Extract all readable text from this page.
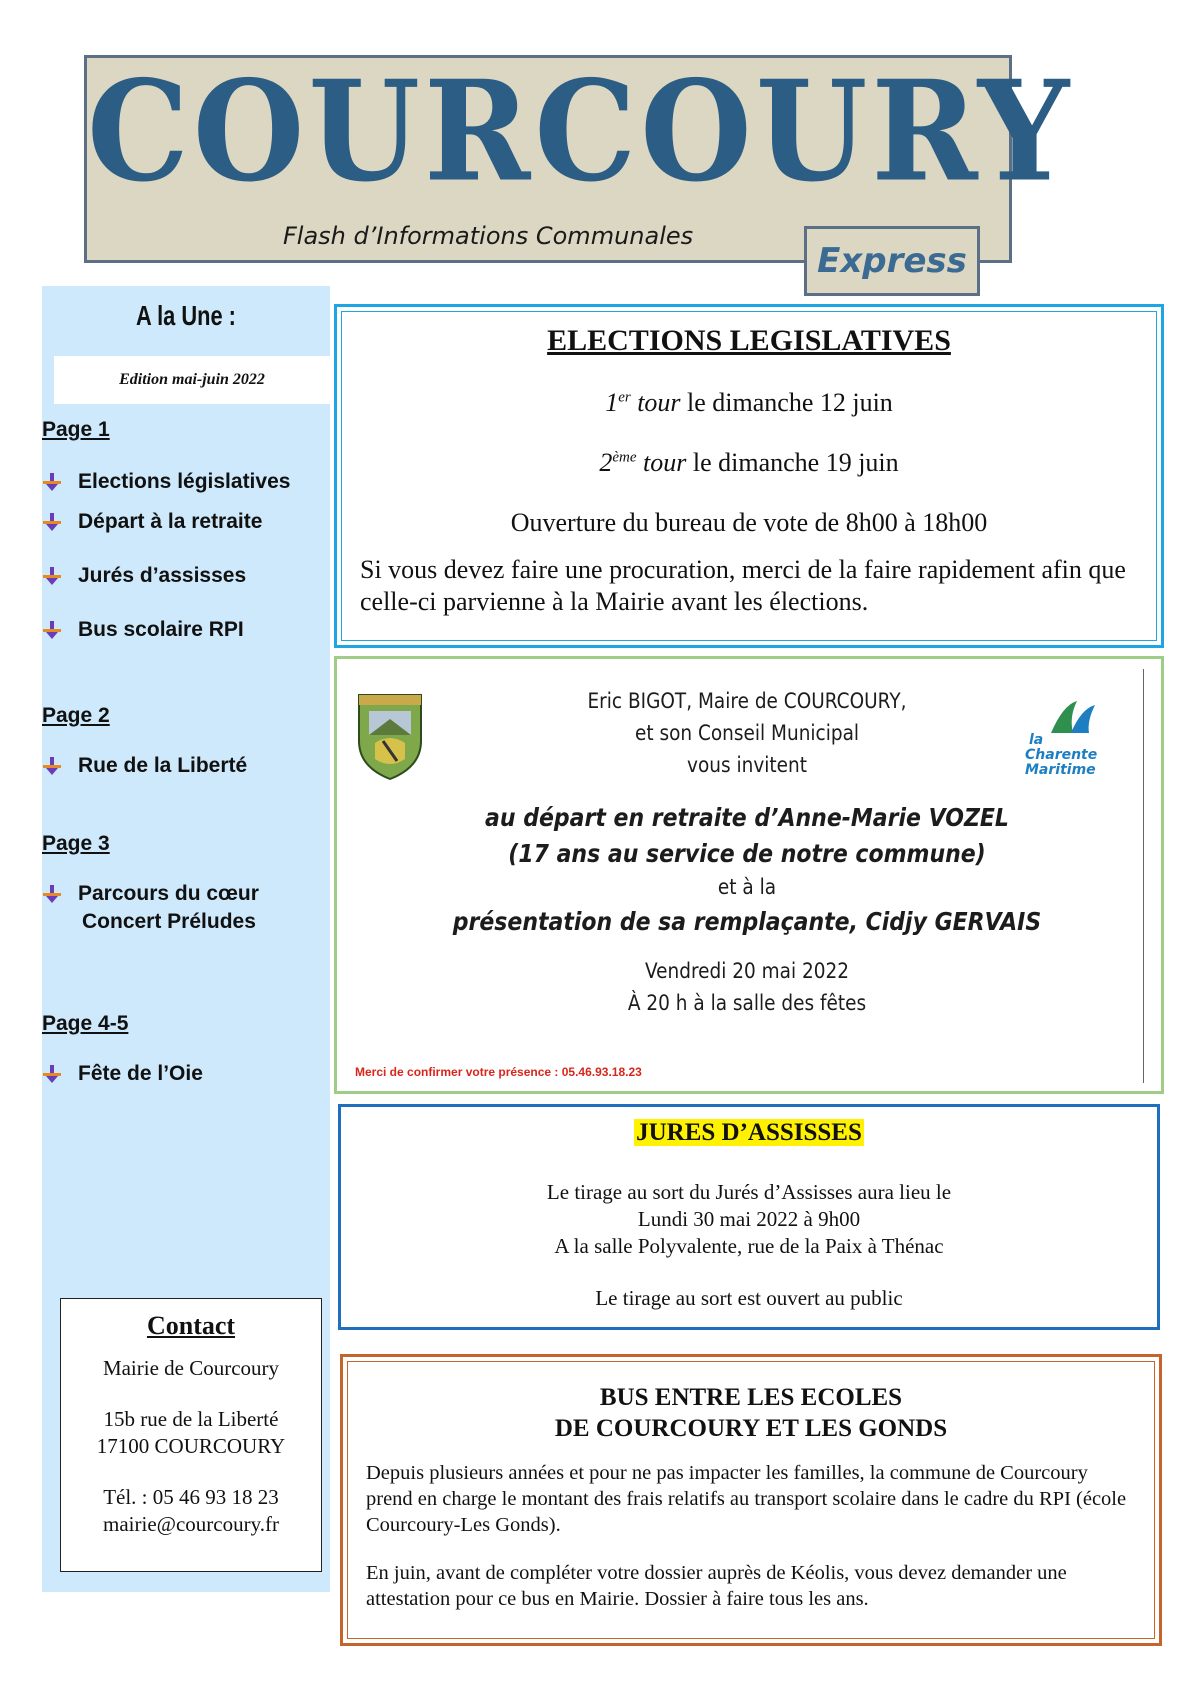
COURCOURY
Flash d’Informations Communales
Express
A la Une :
Edition mai-juin 2022
Page 1
Elections législatives
Départ à la retraite
Jurés d’assisses
Bus scolaire RPI
Page 2
Rue de la Liberté
Page 3
Parcours du cœur
Concert Préludes
Page 4-5
Fête de l’Oie
Contact

Mairie de Courcoury

15b rue de la Liberté

17100 COURCOURY

Tél. : 05 46 93 18 23

mairie@courcoury.fr

ELECTIONS LEGISLATIVES
1er tour le dimanche 12 juin
2ème tour le dimanche 19 juin
Ouverture du bureau de vote de 8h00 à 18h00
Si vous devez faire une procuration, merci de la faire rapidement afin que celle-ci parvienne à la Mairie avant les élections.
Eric BIGOT, Maire de COURCOURY,
et son Conseil Municipal
vous invitent
au départ en retraite d’Anne-Marie VOZEL
(17 ans au service de notre commune)
et à la
présentation de sa remplaçante, Cidjy GERVAIS
Vendredi 20 mai 2022
À 20 h à la salle des fêtes
Merci de confirmer votre présence : 05.46.93.18.23
la
Charente
Maritime
JURES D’ASSISSES
Le tirage au sort du Jurés d’Assisses aura lieu le
Lundi 30 mai 2022 à 9h00
A la salle Polyvalente, rue de la Paix à Thénac
Le tirage au sort est ouvert au public
BUS ENTRE LES ECOLES
DE COURCOURY ET LES GONDS
Depuis plusieurs années et pour ne pas impacter les familles, la commune de Courcoury prend en charge le montant des frais relatifs au transport scolaire dans le cadre du RPI (école Courcoury-Les Gonds).
En juin, avant de compléter votre dossier auprès de Kéolis, vous devez demander une attestation pour ce bus en Mairie. Dossier à faire tous les ans.
